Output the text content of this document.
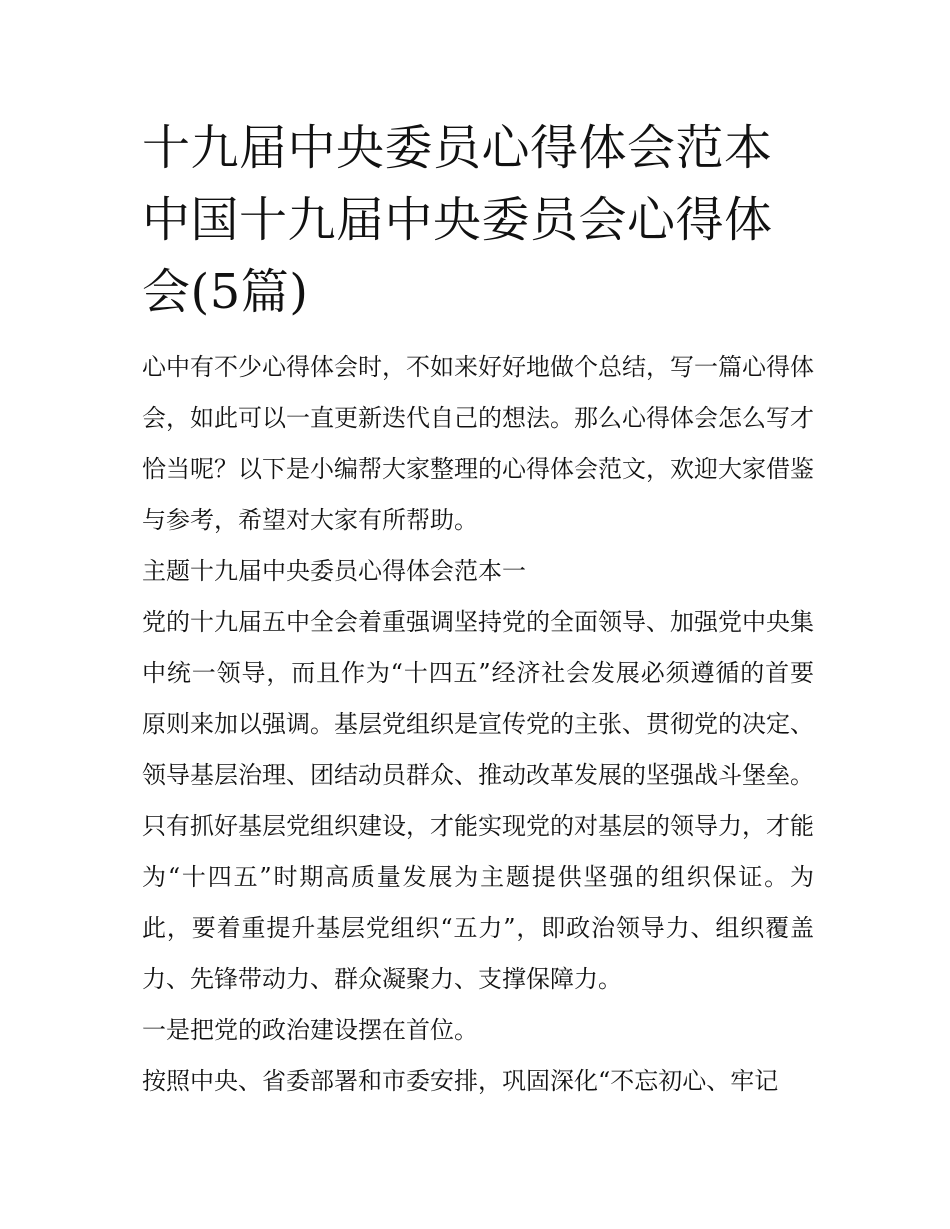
十九届中央委员心得体会范本中国十九届中央委员会心得体会(5篇)

心中有不少心得体会时，不如来好好地做个总结，写一篇心得体会，如此可以一直更新迭代自己的想法。那么心得体会怎么写才恰当呢？以下是小编帮大家整理的心得体会范文，欢迎大家借鉴与参考，希望对大家有所帮助。

主题十九届中央委员心得体会范本一

党的十九届五中全会着重强调坚持党的全面领导、加强党中央集中统一领导，而且作为“十四五”经济社会发展必须遵循的首要原则来加以强调。基层党组织是宣传党的主张、贯彻党的决定、领导基层治理、团结动员群众、推动改革发展的坚强战斗堡垒。只有抓好基层党组织建设，才能实现党的对基层的领导力，才能为“十四五”时期高质量发展为主题提供坚强的组织保证。为此，要着重提升基层党组织“五力”，即政治领导力、组织覆盖力、先锋带动力、群众凝聚力、支撑保障力。

一是把党的政治建设摆在首位。

按照中央、省委部署和市委安排，巩固深化“不忘初心、牢记
